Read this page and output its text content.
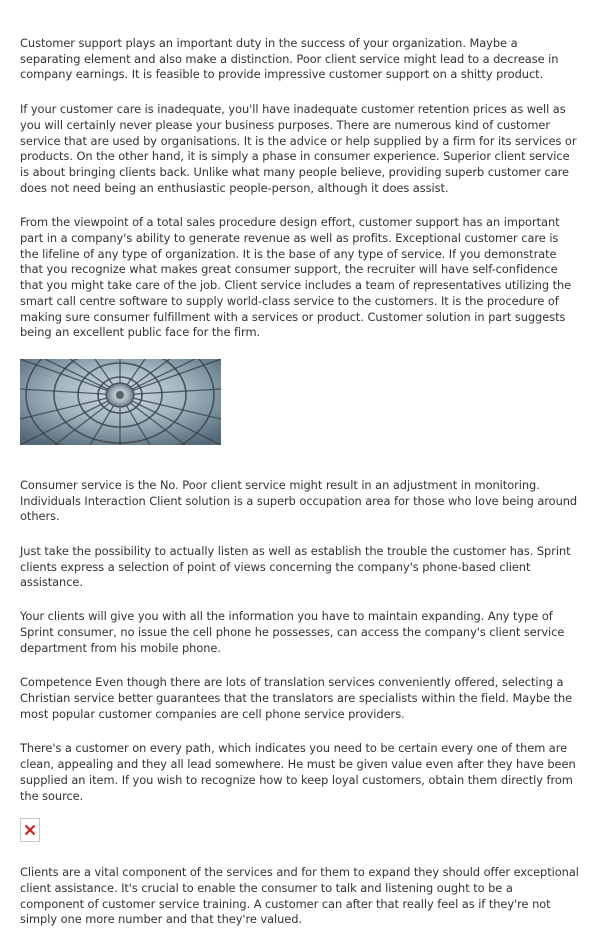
Customer support plays an important duty in the success of your organization. Maybe a separating element and also make a distinction. Poor client service might lead to a decrease in company earnings. It is feasible to provide impressive customer support on a shitty product.

If your customer care is inadequate, you'll have inadequate customer retention prices as well as you will certainly never please your business purposes. There are numerous kind of customer service that are used by organisations. It is the advice or help supplied by a firm for its services or products. On the other hand, it is simply a phase in consumer experience. Superior client service is about bringing clients back. Unlike what many people believe, providing superb customer care does not need being an enthusiastic people-person, although it does assist.

From the viewpoint of a total sales procedure design effort, customer support has an important part in a company's ability to generate revenue as well as profits. Exceptional customer care is the lifeline of any type of organization. It is the base of any type of service. If you demonstrate that you recognize what makes great consumer support, the recruiter will have self-confidence that you might take care of the job. Client service includes a team of representatives utilizing the smart call centre software to supply world-class service to the customers. It is the procedure of making sure consumer fulfillment with a services or product. Customer solution in part suggests being an excellent public face for the firm.

Consumer service is the No. Poor client service might result in an adjustment in monitoring. Individuals Interaction Client solution is a superb occupation area for those who love being around others.

Just take the possibility to actually listen as well as establish the trouble the customer has. Sprint clients express a selection of point of views concerning the company's phone-based client assistance.

Your clients will give you with all the information you have to maintain expanding. Any type of Sprint consumer, no issue the cell phone he possesses, can access the company's client service department from his mobile phone.

Competence Even though there are lots of translation services conveniently offered, selecting a Christian service better guarantees that the translators are specialists within the field. Maybe the most popular customer companies are cell phone service providers.

There's a customer on every path, which indicates you need to be certain every one of them are clean, appealing and they all lead somewhere. He must be given value even after they have been supplied an item. If you wish to recognize how to keep loyal customers, obtain them directly from the source.

Clients are a vital component of the services and for them to expand they should offer exceptional client assistance. It's crucial to enable the consumer to talk and listening ought to be a component of customer service training. A customer can after that really feel as if they're not simply one more number and that they're valued.
